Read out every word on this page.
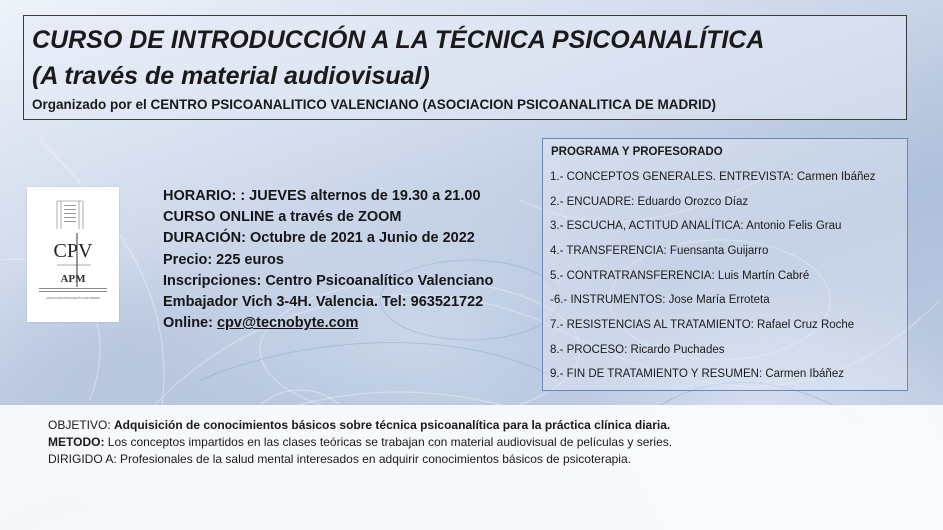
CURSO DE INTRODUCCIÓN A LA TÉCNICA PSICOANALÍTICA
(A través de material audiovisual)

Organizado por el CENTRO PSICOANALITICO VALENCIANO (ASOCIACION PSICOANALITICA DE MADRID)

CPV
APM
ASOCIACIÓN PSICOANALÍTICA DE MADRID
HORARIO: : JUEVES alternos de 19.30 a 21.00
CURSO ONLINE a través de ZOOM
DURACIÓN: Octubre de 2021 a Junio de 2022
Precio: 225 euros
Inscripciones: Centro Psicoanalítico Valenciano
Embajador Vich 3-4H. Valencia. Tel: 963521722
Online: cpv@tecnobyte.com

PROGRAMA Y PROFESORADO

1.- CONCEPTOS GENERALES. ENTREVISTA: Carmen Ibáñez
2.- ENCUADRE: Eduardo Orozco Díaz
3.- ESCUCHA, ACTITUD ANALÍTICA: Antonio Felis Grau
4.- TRANSFERENCIA: Fuensanta Guijarro
5.- CONTRATRANSFERENCIA: Luis Martín Cabré
-6.- INSTRUMENTOS: Jose María Erroteta
7.- RESISTENCIAS AL TRATAMIENTO: Rafael Cruz Roche
8.- PROCESO: Ricardo Puchades
9.- FIN DE TRATAMIENTO Y RESUMEN: Carmen Ibáñez
OBJETIVO: Adquisición de conocimientos básicos sobre técnica psicoanalítica para la práctica clínica diaria.
METODO: Los conceptos impartidos en las clases teóricas se trabajan con material audiovisual de películas y series.
DIRIGIDO A: Profesionales de la salud mental interesados en adquirir conocimientos básicos de psicoterapia.
